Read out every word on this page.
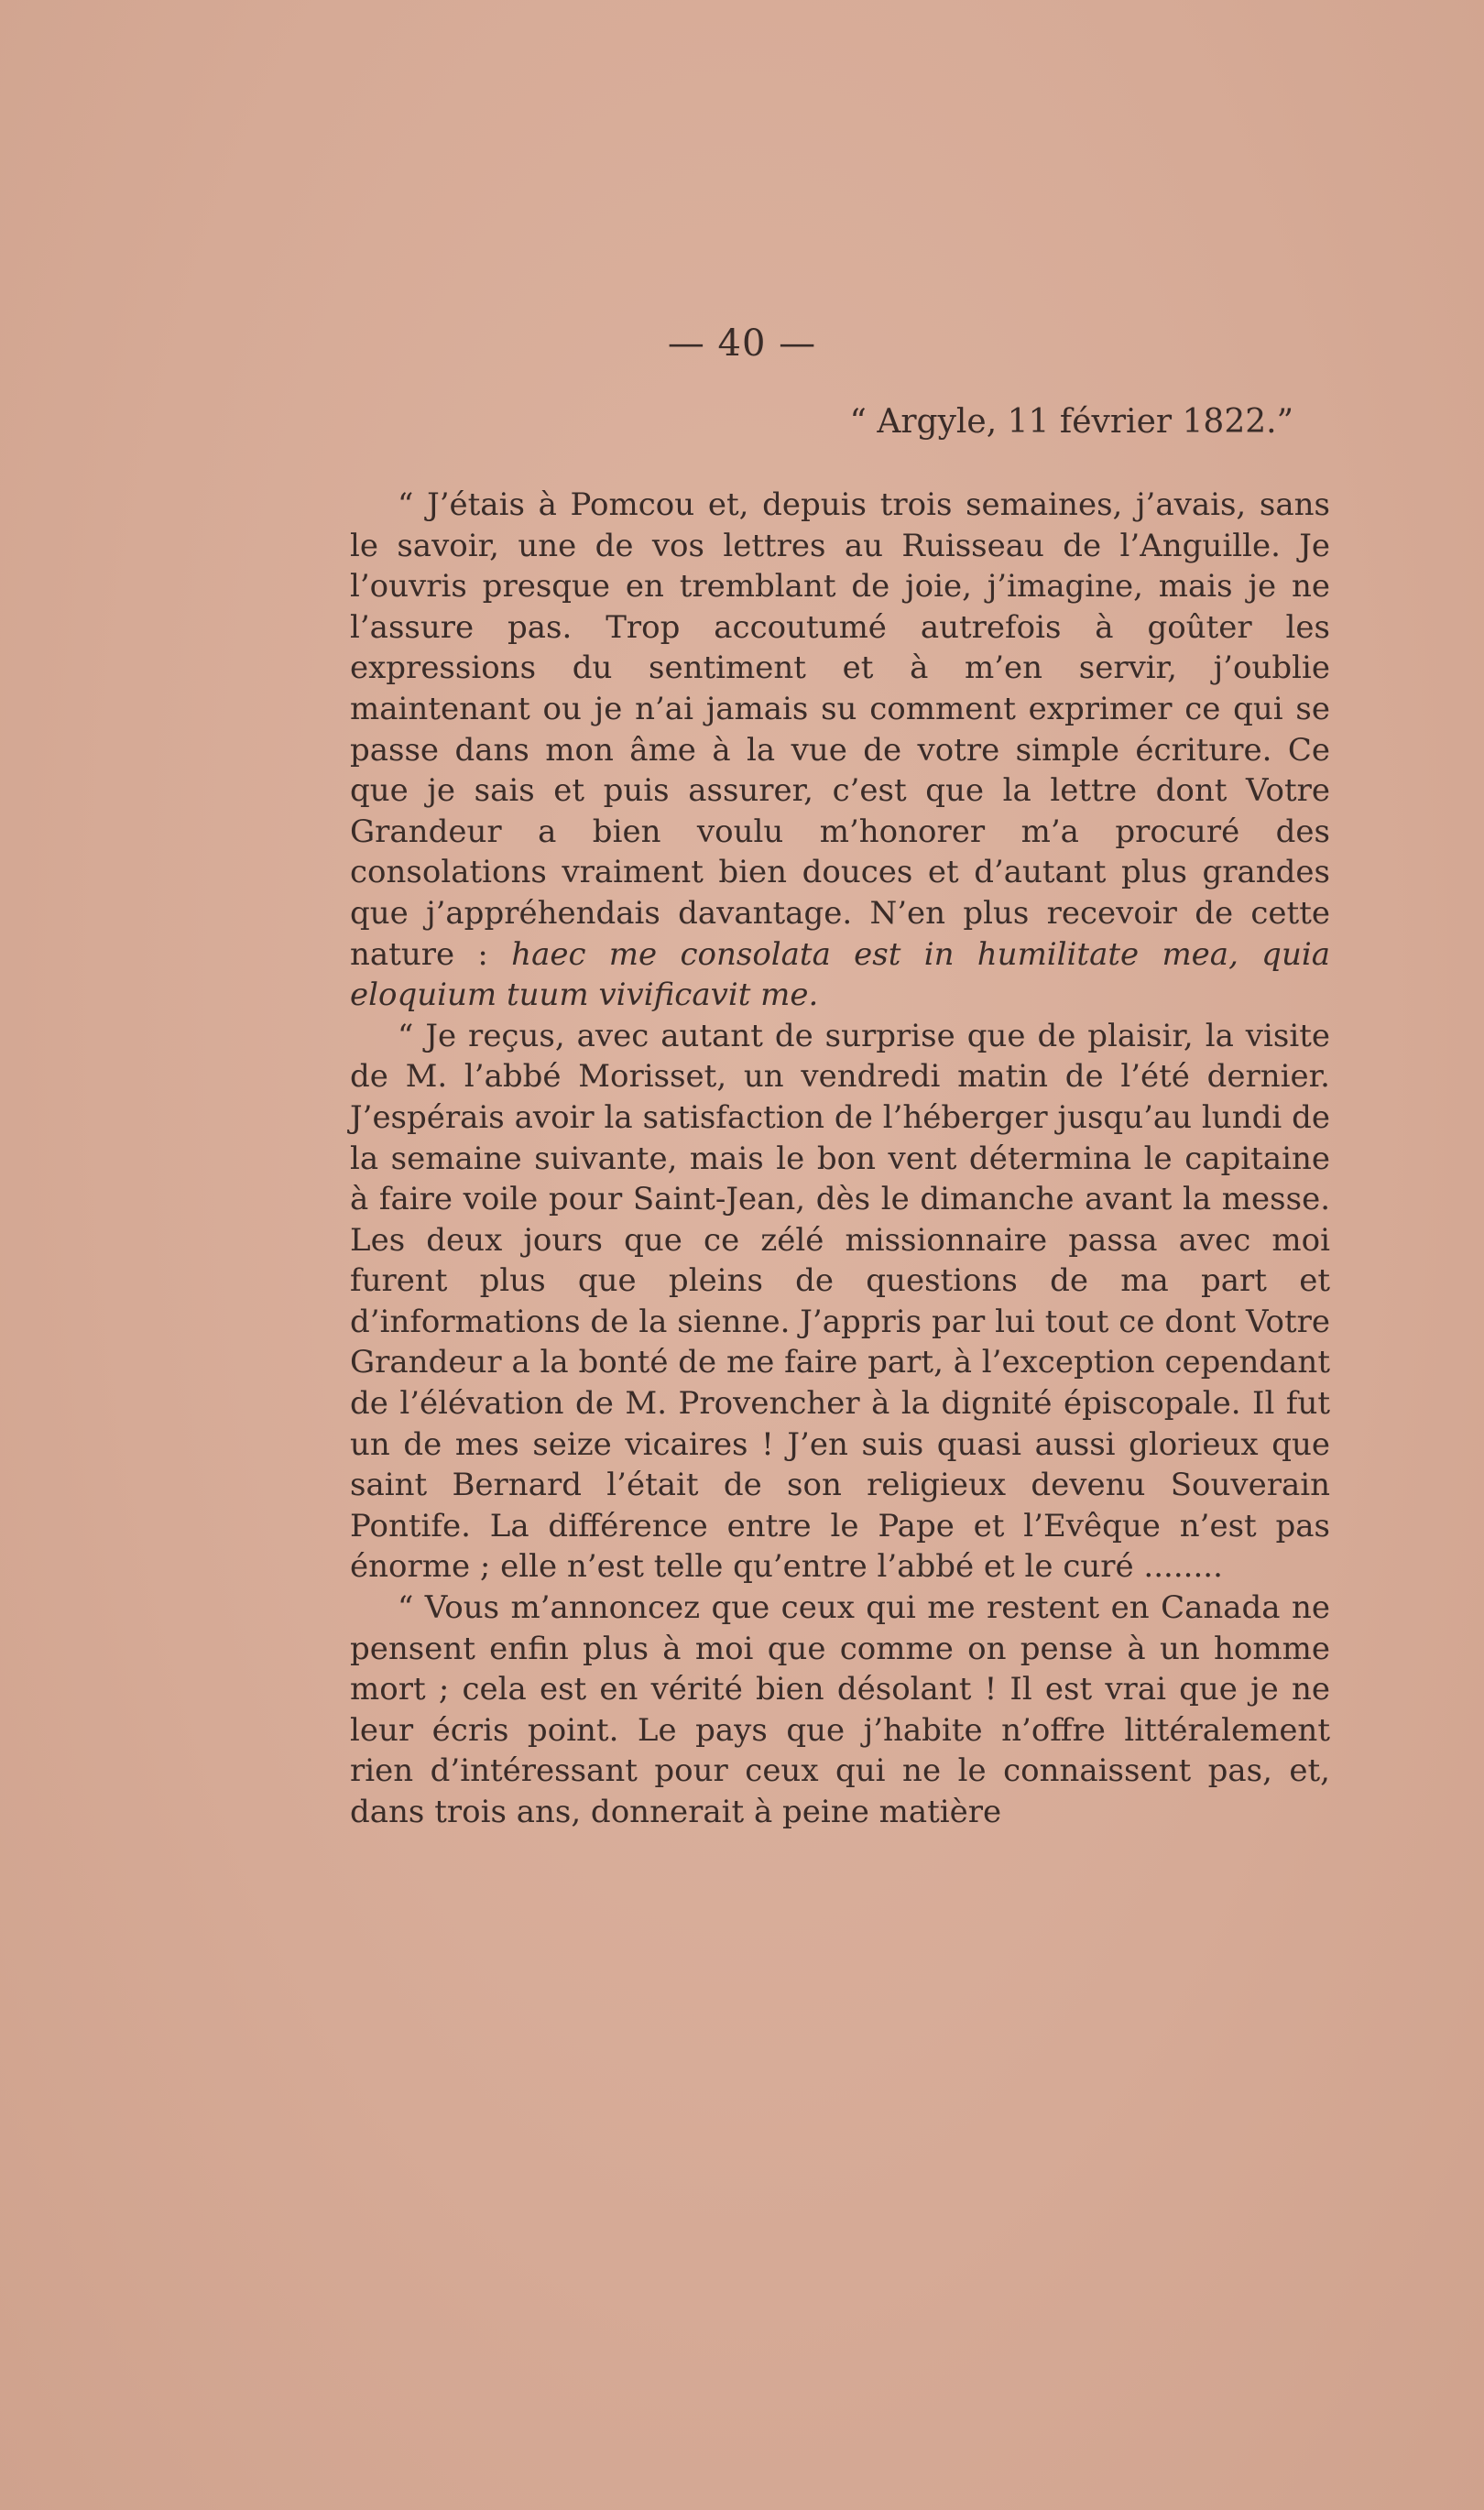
— 40 —
“ Argyle, 11 février 1822.”

“ J’étais à Pomcou et, depuis trois semaines, j’avais, sans le savoir, une de vos lettres au Ruisseau de l’Anguille. Je l’ouvris presque en tremblant de joie, j’imagine, mais je ne l’assure pas. Trop accoutumé autrefois à goûter les expressions du sentiment et à m’en servir, j’oublie maintenant ou je n’ai jamais su comment exprimer ce qui se passe dans mon âme à la vue de votre simple écriture. Ce que je sais et puis assurer, c’est que la lettre dont Votre Grandeur a bien voulu m’honorer m’a procuré des consolations vraiment bien douces et d’autant plus grandes que j’appréhendais davantage. N’en plus recevoir de cette nature : haec me consolata est in humilitate mea, quia eloquium tuum vivificavit me.

“ Je reçus, avec autant de surprise que de plaisir, la visite de M. l’abbé Morisset, un vendredi matin de l’été dernier. J’espérais avoir la satisfaction de l’héberger jusqu’au lundi de la semaine suivante, mais le bon vent détermina le capitaine à faire voile pour Saint-Jean, dès le dimanche avant la messe. Les deux jours que ce zélé missionnaire passa avec moi furent plus que pleins de questions de ma part et d’informations de la sienne. J’appris par lui tout ce dont Votre Grandeur a la bonté de me faire part, à l’exception cependant de l’élévation de M. Provencher à la dignité épiscopale. Il fut un de mes seize vicaires ! J’en suis quasi aussi glorieux que saint Bernard l’était de son religieux devenu Souverain Pontife. La différence entre le Pape et l’Evêque n’est pas énorme ; elle n’est telle qu’entre l’abbé et le curé ........

“ Vous m’annoncez que ceux qui me restent en Canada ne pensent enfin plus à moi que comme on pense à un homme mort ; cela est en vérité bien désolant ! Il est vrai que je ne leur écris point. Le pays que j’habite n’offre littéralement rien d’intéressant pour ceux qui ne le connaissent pas, et, dans trois ans, donnerait à peine matière
